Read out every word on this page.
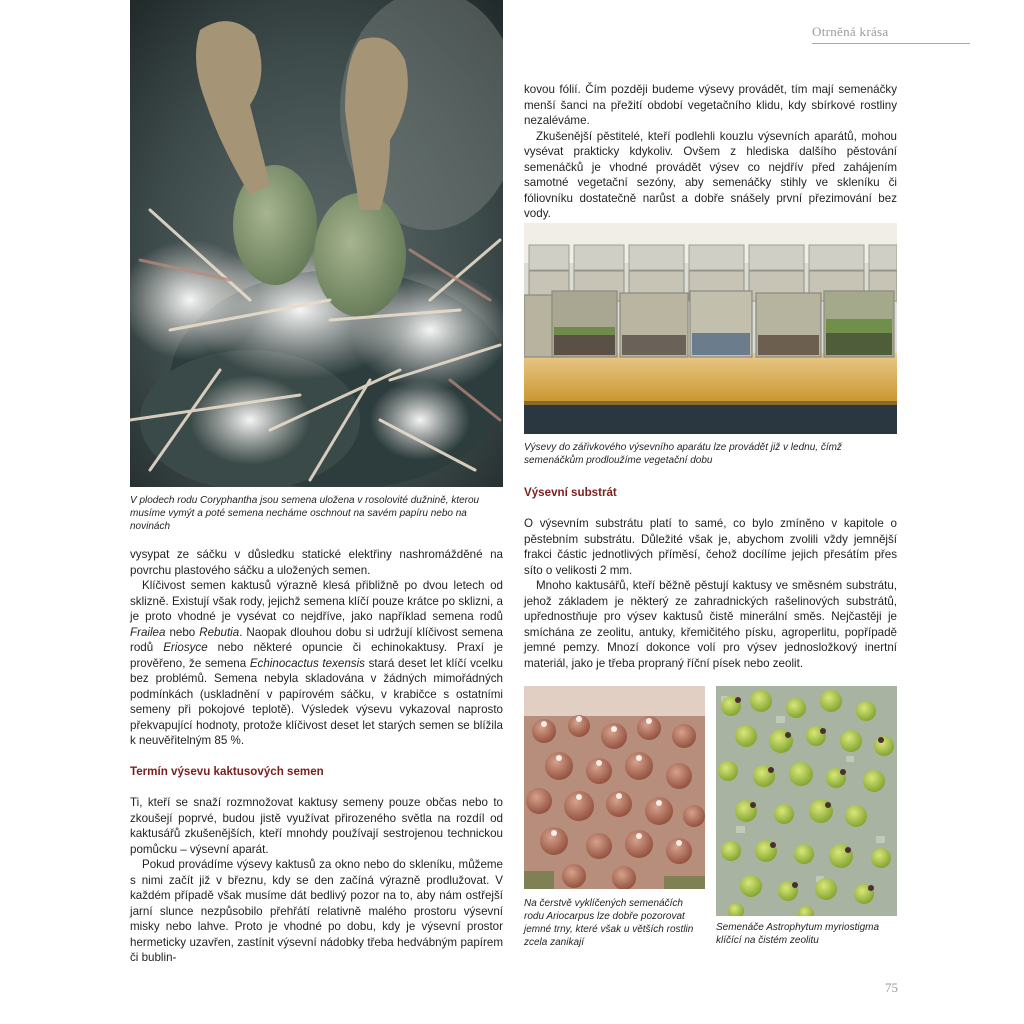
Otrněná krása
V plodech rodu Coryphantha jsou semena uložena v rosolovité dužnině, kterou musíme vymýt a poté semena necháme oschnout na savém papíru nebo na novinách
Výsevy do zářivkového výsevního aparátu lze provádět již v lednu, čímž semenáčkům prodloužíme vegetační dobu
Na čerstvě vyklíčených semenáčích rodu Ariocarpus lze dobře pozorovat jemné trny, které však u větších rostlin zcela zanikají
Semenáče Astrophytum myriostigma klíčící na čistém zeolitu

vysypat ze sáčku v důsledku statické elektřiny nashromážděné na povrchu plastového sáčku a uložených semen.

Klíčivost semen kaktusů výrazně klesá přibližně po dvou letech od sklizně. Existují však rody, jejichž semena klíčí pouze krátce po sklizni, a je proto vhodné je vysévat co nejdříve, jako například semena rodů Frailea nebo Rebutia. Naopak dlouhou dobu si udržují klíčivost semena rodů Eriosyce nebo některé opuncie či echinokaktusy. Praxí je prověřeno, že semena Echinocactus texensis stará deset let klíčí vcelku bez problémů. Semena nebyla skladována v žádných mimořádných podmínkách (uskladnění v papírovém sáčku, v krabičce s ostatními semeny při pokojové teplotě). Výsledek výsevu vykazoval naprosto překvapující hodnoty, protože klíčivost deset let starých semen se blížila k neuvěřitelným 85 %.

Termín výsevu kaktusových semen

Ti, kteří se snaží rozmnožovat kaktusy semeny pouze občas nebo to zkoušejí poprvé, budou jistě využívat přirozeného světla na rozdíl od kaktusářů zkušenějších, kteří mnohdy používají sestrojenou technickou pomůcku – výsevní aparát.

Pokud provádíme výsevy kaktusů za okno nebo do skleníku, můžeme s nimi začít již v březnu, kdy se den začíná výrazně prodlužovat. V každém případě však musíme dát bedlivý pozor na to, aby nám ostřejší jarní slunce nezpůsobilo přehřátí relativně malého prostoru výsevní misky nebo lahve. Proto je vhodné po dobu, kdy je výsevní prostor hermeticky uzavřen, zastínit výsevní nádobky třeba hedvábným papírem či bublin-

kovou fólií. Čím později budeme výsevy provádět, tím mají semenáčky menší šanci na přežití období vegetačního klidu, kdy sbírkové rostliny nezaléváme.

Zkušenější pěstitelé, kteří podlehli kouzlu výsevních aparátů, mohou vysévat prakticky kdykoliv. Ovšem z hlediska dalšího pěstování semenáčků je vhodné provádět výsev co nejdřív před zahájením samotné vegetační sezóny, aby semenáčky stihly ve skleníku či fóliovníku dostatečně narůst a dobře snášely první přezimování bez vody.

Výsevní substrát

O výsevním substrátu platí to samé, co bylo zmíněno v kapitole o pěstebním substrátu. Důležité však je, abychom zvolili vždy jemnější frakci částic jednotlivých příměsí, čehož docílíme jejich přesátím přes síto o velikosti 2 mm.

Mnoho kaktusářů, kteří běžně pěstují kaktusy ve směsném substrátu, jehož základem je některý ze zahradnických rašelinových substrátů, upřednostňuje pro výsev kaktusů čistě minerální směs. Nejčastěji je smíchána ze zeolitu, antuky, křemičitého písku, agroperlitu, popřípadě jemné pemzy. Mnozí dokonce volí pro výsev jednosložkový inertní materiál, jako je třeba propraný říční písek nebo zeolit.

75
